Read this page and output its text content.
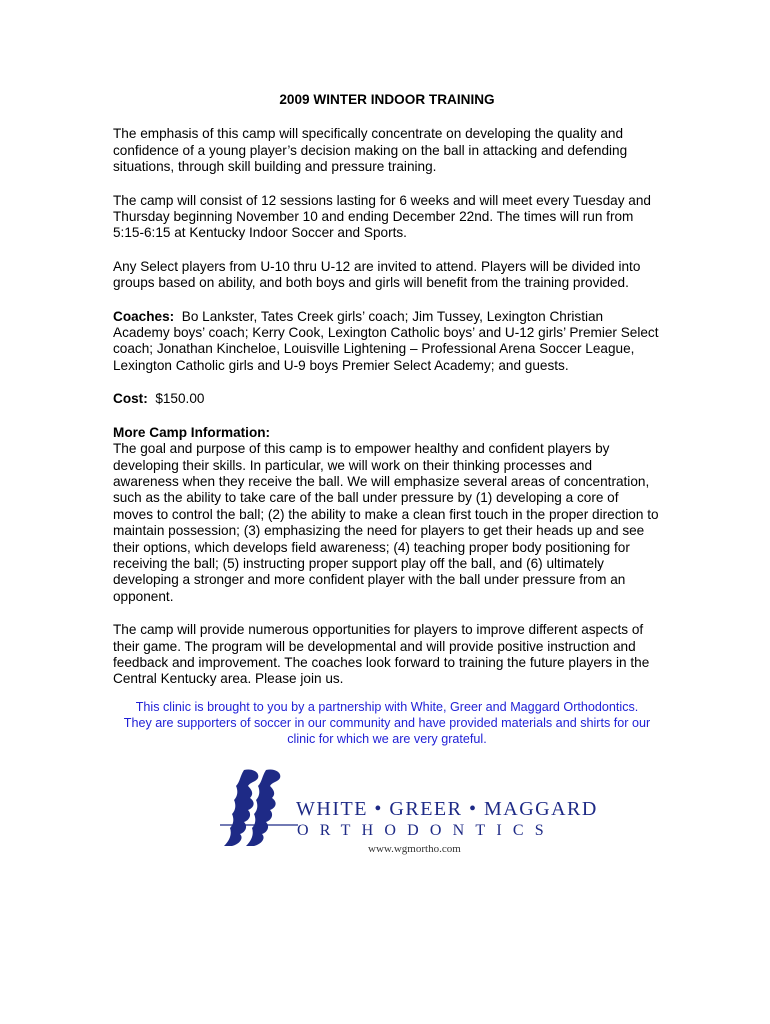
2009 WINTER INDOOR TRAINING

The emphasis of this camp will specifically concentrate on developing the quality and confidence of a young player’s decision making on the ball in attacking and defending situations, through skill building and pressure training.

The camp will consist of 12 sessions lasting for 6 weeks and will meet every Tuesday and Thursday beginning November 10 and ending December 22nd. The times will run from 5:15-6:15 at Kentucky Indoor Soccer and Sports.

Any Select players from U-10 thru U-12 are invited to attend. Players will be divided into groups based on ability, and both boys and girls will benefit from the training provided.

Coaches: Bo Lankster, Tates Creek girls’ coach; Jim Tussey, Lexington Christian Academy boys’ coach; Kerry Cook, Lexington Catholic boys’ and U-12 girls’ Premier Select coach; Jonathan Kincheloe, Louisville Lightening – Professional Arena Soccer League, Lexington Catholic girls and U-9 boys Premier Select Academy; and guests.

Cost: $150.00

More Camp Information:
The goal and purpose of this camp is to empower healthy and confident players by developing their skills. In particular, we will work on their thinking processes and awareness when they receive the ball. We will emphasize several areas of concentration, such as the ability to take care of the ball under pressure by (1) developing a core of moves to control the ball; (2) the ability to make a clean first touch in the proper direction to maintain possession; (3) emphasizing the need for players to get their heads up and see their options, which develops field awareness; (4) teaching proper body positioning for receiving the ball; (5) instructing proper support play off the ball, and (6) ultimately developing a stronger and more confident player with the ball under pressure from an opponent.

The camp will provide numerous opportunities for players to improve different aspects of their game. The program will be developmental and will provide positive instruction and feedback and improvement. The coaches look forward to training the future players in the Central Kentucky area. Please join us.

This clinic is brought to you by a partnership with White, Greer and Maggard Orthodontics.
They are supporters of soccer in our community and have provided materials and shirts for our
clinic for which we are very grateful.
WHITE • GREER • MAGGARD
ORTHODONTICS
www.wgmortho.com
